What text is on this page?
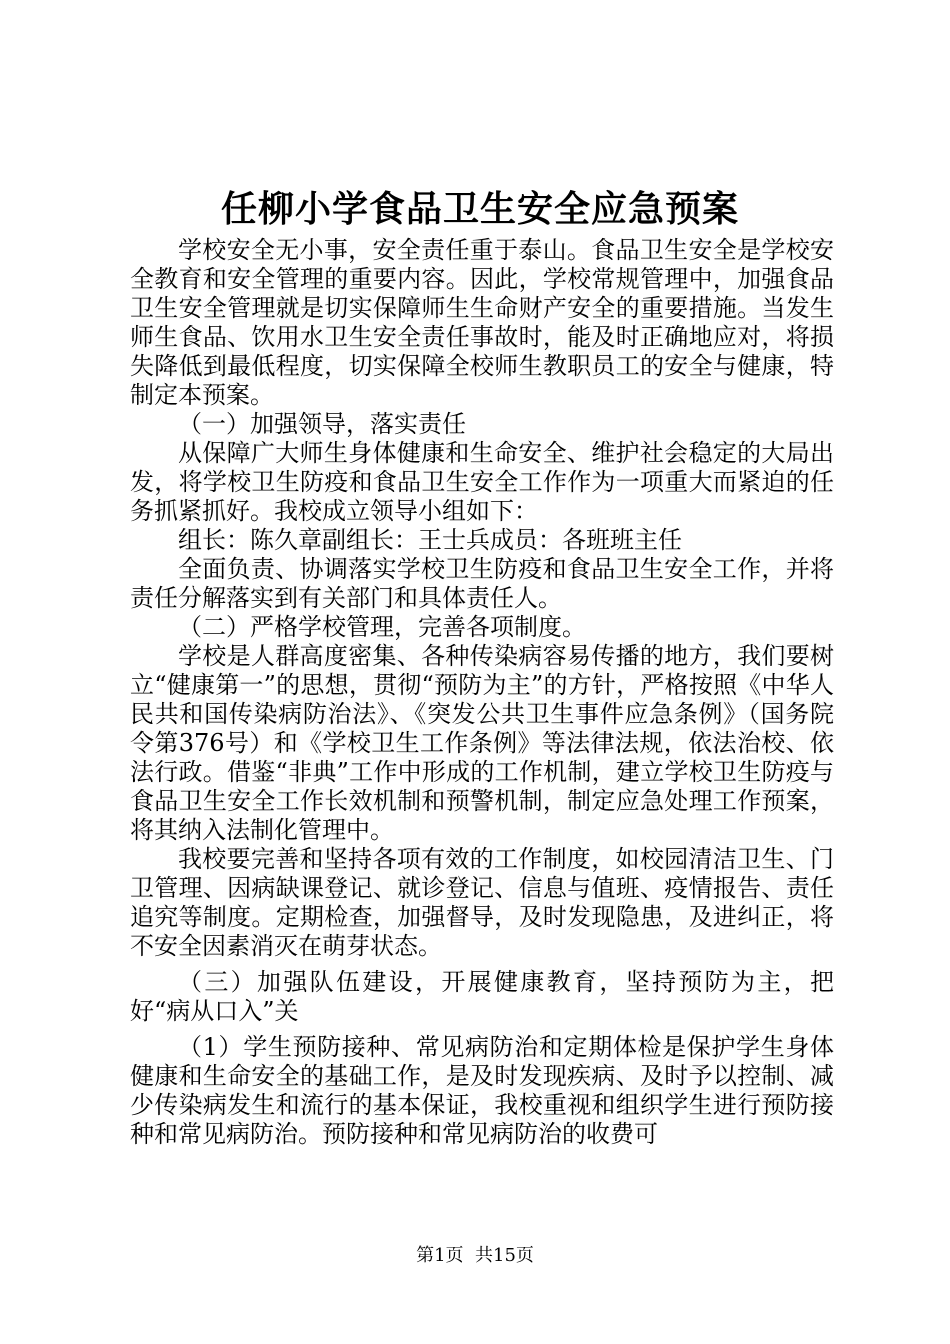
任柳小学食品卫生安全应急预案

学校安全无小事，安全责任重于泰山。食品卫生安全是学校安全教育和安全管理的重要内容。因此，学校常规管理中，加强食品卫生安全管理就是切实保障师生生命财产安全的重要措施。当发生师生食品、饮用水卫生安全责任事故时，能及时正确地应对，将损失降低到最低程度，切实保障全校师生教职员工的安全与健康，特制定本预案。

（一）加强领导，落实责任

从保障广大师生身体健康和生命安全、维护社会稳定的大局出发，将学校卫生防疫和食品卫生安全工作作为一项重大而紧迫的任务抓紧抓好。我校成立领导小组如下：

组长：陈久章副组长：王士兵成员：各班班主任

全面负责、协调落实学校卫生防疫和食品卫生安全工作，并将责任分解落实到有关部门和具体责任人。

（二）严格学校管理，完善各项制度。

学校是人群高度密集、各种传染病容易传播的地方，我们要树立“健康第一”的思想，贯彻“预防为主”的方针，严格按照《中华人民共和国传染病防治法》、《突发公共卫生事件应急条例》（国务院令第376号）和《学校卫生工作条例》等法律法规，依法治校、依法行政。借鉴“非典”工作中形成的工作机制，建立学校卫生防疫与食品卫生安全工作长效机制和预警机制，制定应急处理工作预案，将其纳入法制化管理中。

我校要完善和坚持各项有效的工作制度，如校园清洁卫生、门卫管理、因病缺课登记、就诊登记、信息与值班、疫情报告、责任追究等制度。定期检查，加强督导，及时发现隐患，及进纠正，将不安全因素消灭在萌芽状态。

（三）加强队伍建设，开展健康教育，坚持预防为主，把好“病从口入”关

（1）学生预防接种、常见病防治和定期体检是保护学生身体健康和生命安全的基础工作，是及时发现疾病、及时予以控制、减少传染病发生和流行的基本保证，我校重视和组织学生进行预防接种和常见病防治。预防接种和常见病防治的收费可

第1页 共15页
